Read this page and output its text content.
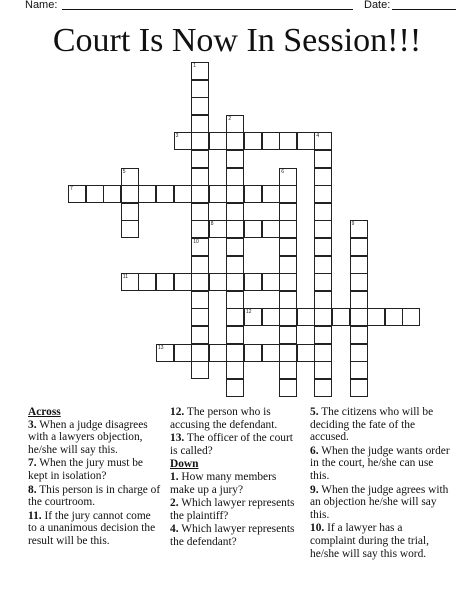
Name:	Date:
Court Is Now In Session!!!
1
2
3	4
5	6
7
8	9
10
11
12
13
Across
3. When a judge disagrees with a lawyers objection, he/she will say this.
7. When the jury must be kept in isolation?
8. This person is in charge of the courtroom.
11. If the jury cannot come to a unanimous decision the result will be this.
12. The person who is accusing the defendant.
13. The officer of the court is called?
Down
1. How many members make up a jury?
2. Which lawyer represents the plaintiff?
4. Which lawyer represents the defendant?
5. The citizens who will be deciding the fate of the accused.
6. When the judge wants order in the court, he/she can use this.
9. When the judge agrees with an objection he/she will say this.
10. If a lawyer has a complaint during the trial, he/she will say this word.
